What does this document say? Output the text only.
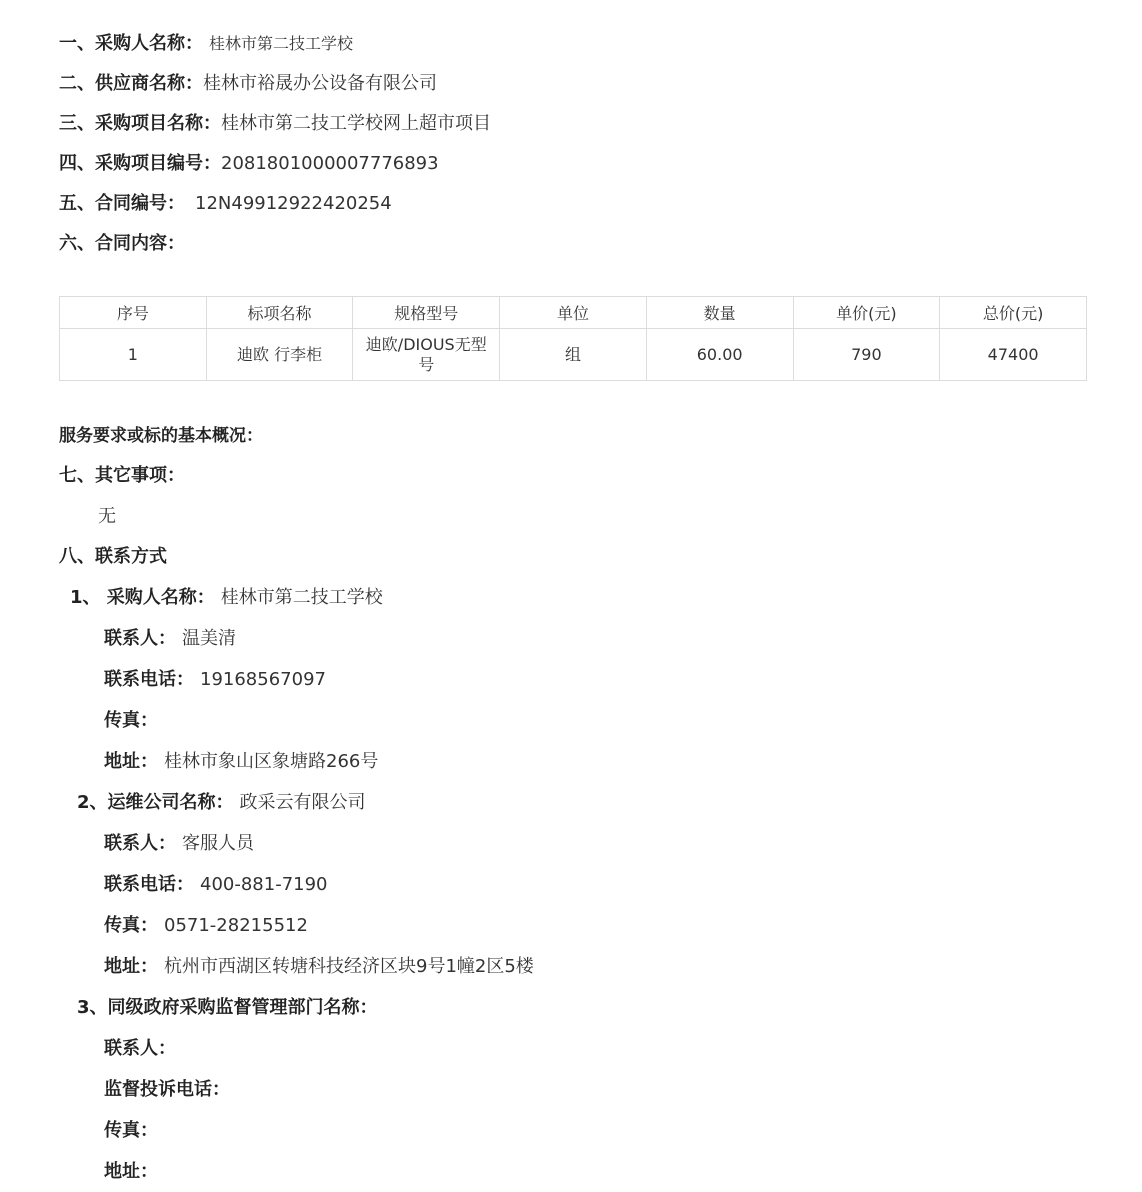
一、采购人名称： 桂林市第二技工学校
二、供应商名称：桂林市裕晟办公设备有限公司
三、采购项目名称：桂林市第二技工学校网上超市项目
四、采购项目编号：2081801000007776893
五、合同编号： 12N49912922420254
六、合同内容：
序号	标项名称	规格型号	单位	数量	单价(元)	总价(元)
1	迪欧 行李柜	迪欧/DIOUS无型号	组	60.00	790	47400
服务要求或标的基本概况：
七、其它事项：
无
八、联系方式
1、 采购人名称： 桂林市第二技工学校
联系人： 温美清
联系电话： 19168567097
传真：
地址： 桂林市象山区象塘路266号
2、运维公司名称： 政采云有限公司
联系人： 客服人员
联系电话： 400-881-7190
传真： 0571-28215512
地址： 杭州市西湖区转塘科技经济区块9号1幢2区5楼
3、同级政府采购监督管理部门名称：
联系人：
监督投诉电话：
传真：
地址：
